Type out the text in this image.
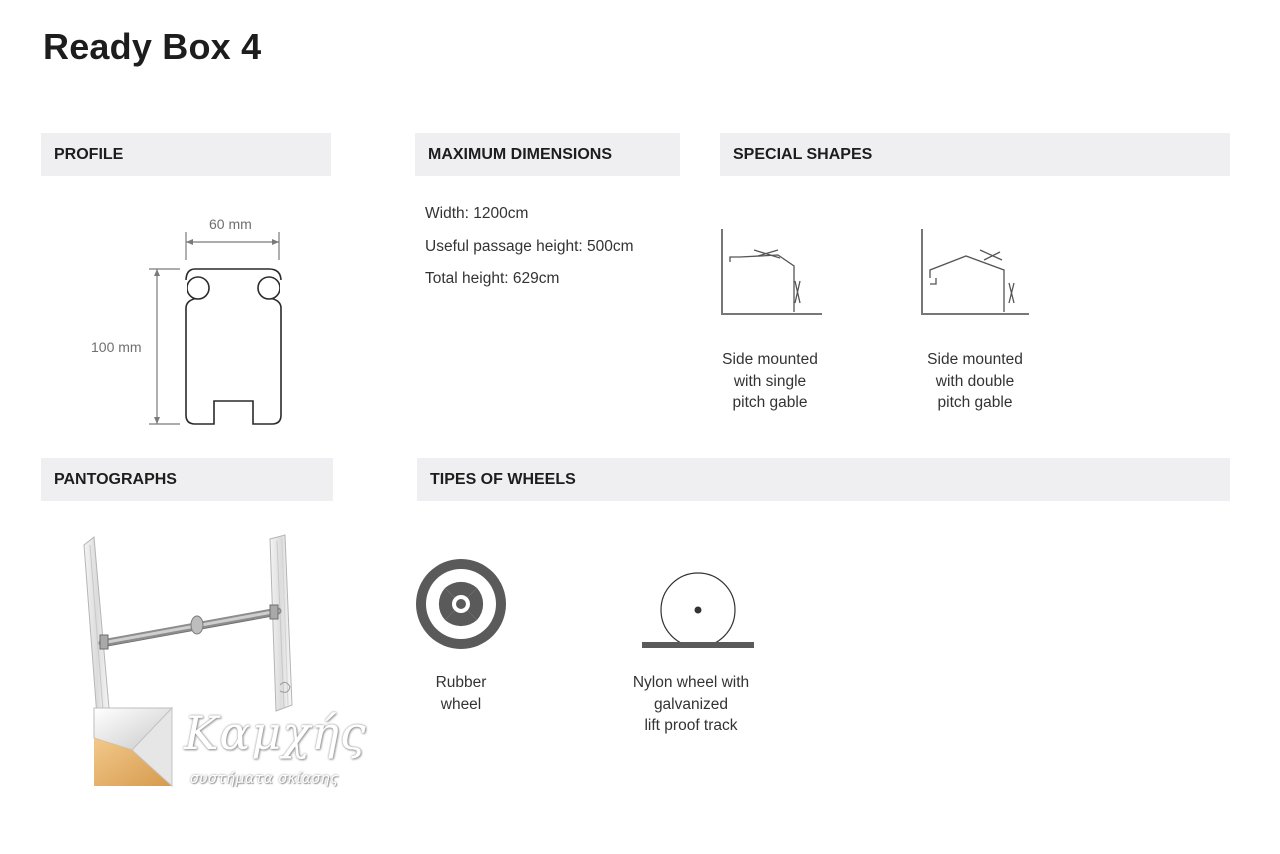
Ready Box 4
PROFILE	MAXIMUM DIMENSIONS	SPECIAL SHAPES
PANTOGRAPHS	TIPES OF WHEELS
60 mm
100 mm
Width: 1200cm
Useful passage height: 500cm
Total height: 629cm
Side mounted
with single
pitch gable
Side mounted
with double
pitch gable
Καμχής
συστήματα σκίασης
Rubber
wheel
Nylon wheel with
galvanized
lift proof track
